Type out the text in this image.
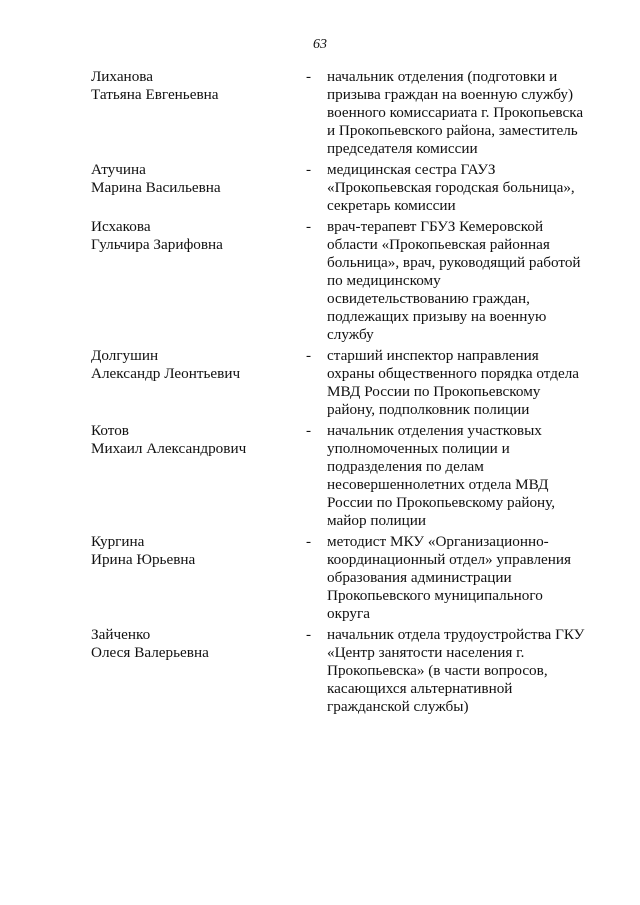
63
Лиханова
Татьяна Евгеньевна
-	начальник отделения (подготовки и призыва граждан на военную службу) военного комиссариата г. Прокопьевска и Прокопьевского района, заместитель председателя комиссии
Атучина
Марина Васильевна
-	медицинская сестра ГАУЗ «Прокопьевская городская больница», секретарь комиссии
Исхакова
Гульчира Зарифовна
-	врач-терапевт ГБУЗ Кемеровской области «Прокопьевская районная больница», врач, руководящий работой по медицинскому освидетельствованию граждан, подлежащих призыву на военную службу
Долгушин
Александр Леонтьевич
-	старший инспектор направления охраны общественного порядка отдела МВД России по Прокопьевскому району, подполковник полиции
Котов
Михаил Александрович
-	начальник отделения участковых уполномоченных полиции и подразделения по делам несовершеннолетних отдела МВД России по Прокопьевскому району, майор полиции
Кургина
Ирина Юрьевна
-	методист МКУ «Организационно-координационный отдел» управления образования администрации Прокопьевского муниципального округа
Зайченко
Олеся Валерьевна
-	начальник отдела трудоустройства ГКУ «Центр занятости населения г. Прокопьевска» (в части вопросов, касающихся альтернативной гражданской службы)
